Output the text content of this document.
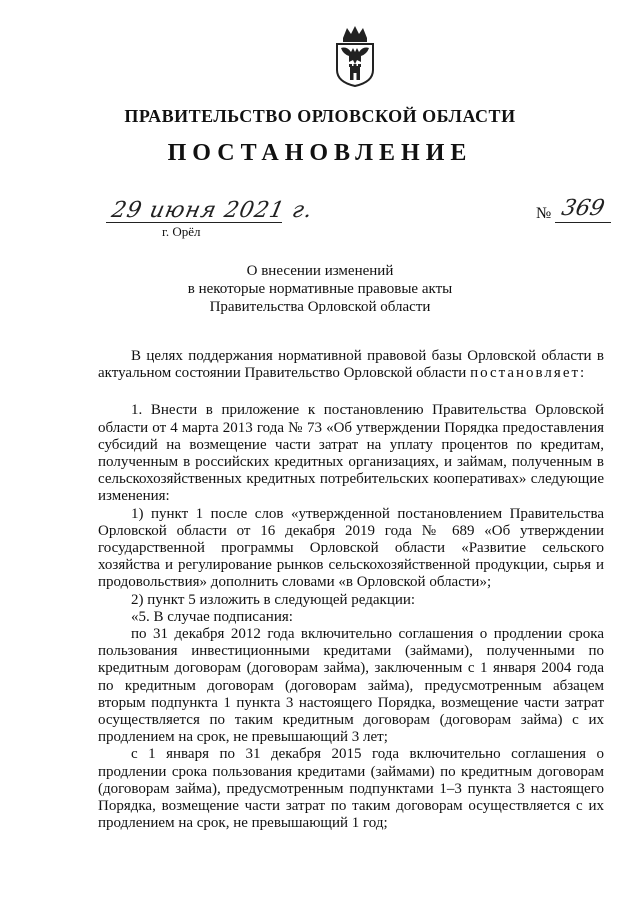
ПРАВИТЕЛЬСТВО ОРЛОВСКОЙ ОБЛАСТИ
ПОСТАНОВЛЕНИЕ
29 июня 2021 г.	№ 369
г. Орёл
О внесении изменений
в некоторые нормативные правовые акты
Правительства Орловской области

В целях поддержания нормативной правовой базы Орловской области в актуальном состоянии Правительство Орловской области постановляет:

1. Внести в приложение к постановлению Правительства Орловской области от 4 марта 2013 года № 73 «Об утверждении Порядка предоставления субсидий на возмещение части затрат на уплату процентов по кредитам, полученным в российских кредитных организациях, и займам, полученным в сельскохозяйственных кредитных потребительских кооперативах» следующие изменения:

1) пункт 1 после слов «утвержденной постановлением Правительства Орловской области от 16 декабря 2019 года № 689 «Об утверждении государственной программы Орловской области «Развитие сельского хозяйства и регулирование рынков сельскохозяйственной продукции, сырья и продовольствия» дополнить словами «в Орловской области»;

2) пункт 5 изложить в следующей редакции:

«5. В случае подписания:

по 31 декабря 2012 года включительно соглашения о продлении срока пользования инвестиционными кредитами (займами), полученными по кредитным договорам (договорам займа), заключенным с 1 января 2004 года по кредитным договорам (договорам займа), предусмотренным абзацем вторым подпункта 1 пункта 3 настоящего Порядка, возмещение части затрат осуществляется по таким кредитным договорам (договорам займа) с их продлением на срок, не превышающий 3 лет;

с 1 января по 31 декабря 2015 года включительно соглашения о продлении срока пользования кредитами (займами) по кредитным договорам (договорам займа), предусмотренным подпунктами 1–3 пункта 3 настоящего Порядка, возмещение части затрат по таким договорам осуществляется с их продлением на срок, не превышающий 1 год;
